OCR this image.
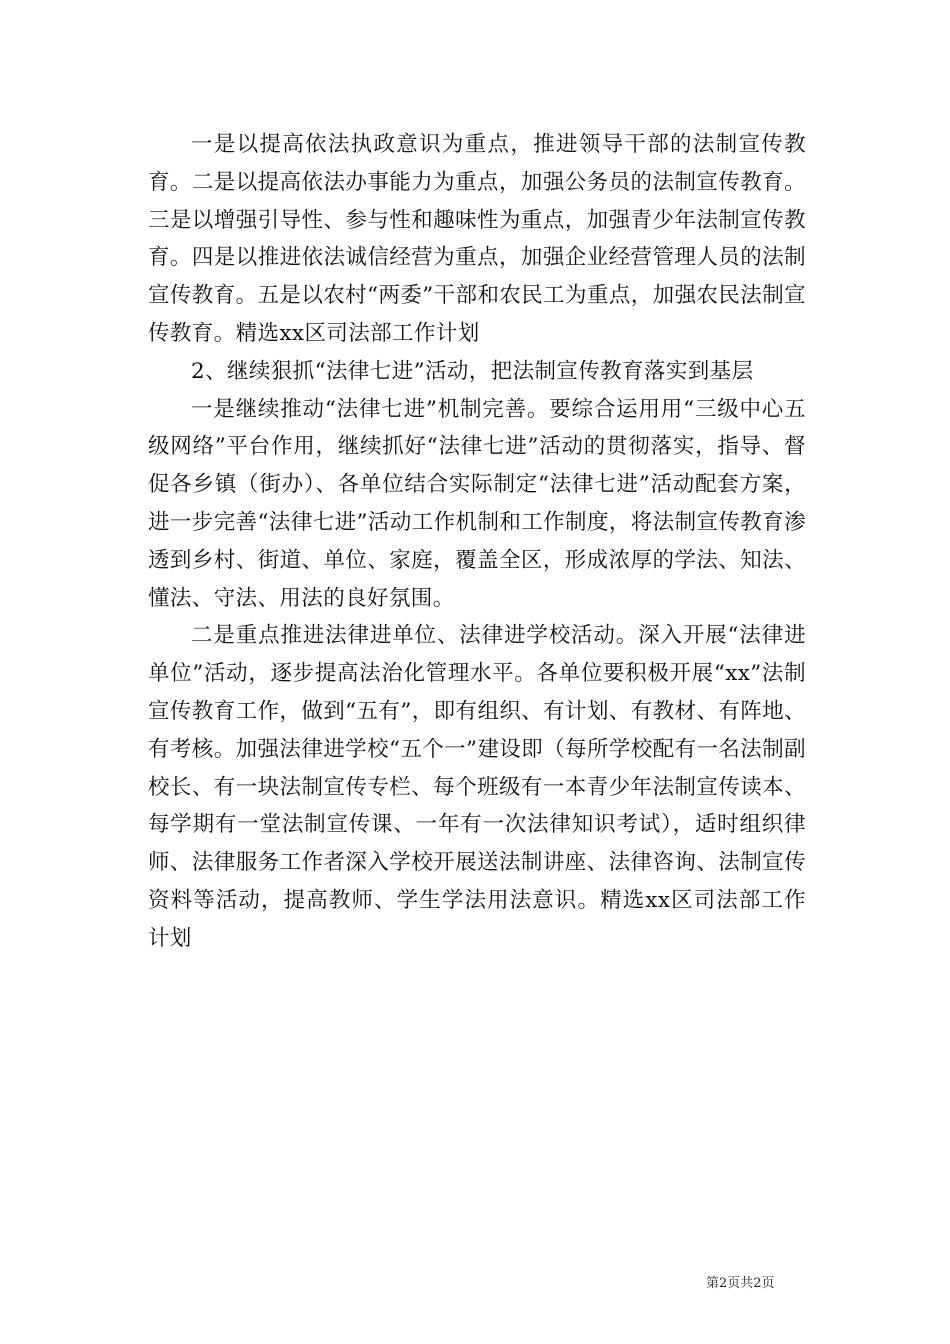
一是以提高依法执政意识为重点，推进领导干部的法制宣传教育。二是以提高依法办事能力为重点，加强公务员的法制宣传教育。三是以增强引导性、参与性和趣味性为重点，加强青少年法制宣传教育。四是以推进依法诚信经营为重点，加强企业经营管理人员的法制宣传教育。五是以农村“两委”干部和农民工为重点，加强农民法制宣传教育。精选xx区司法部工作计划

2、继续狠抓“法律七进”活动，把法制宣传教育落实到基层

一是继续推动“法律七进”机制完善。要综合运用用“三级中心五级网络”平台作用，继续抓好“法律七进”活动的贯彻落实，指导、督促各乡镇（街办）、各单位结合实际制定“法律七进”活动配套方案，进一步完善“法律七进”活动工作机制和工作制度，将法制宣传教育渗透到乡村、街道、单位、家庭，覆盖全区，形成浓厚的学法、知法、懂法、守法、用法的良好氛围。

二是重点推进法律进单位、法律进学校活动。深入开展“法律进单位”活动，逐步提高法治化管理水平。各单位要积极开展“xx”法制宣传教育工作，做到“五有”，即有组织、有计划、有教材、有阵地、有考核。加强法律进学校“五个一”建设即（每所学校配有一名法制副校长、有一块法制宣传专栏、每个班级有一本青少年法制宣传读本、每学期有一堂法制宣传课、一年有一次法律知识考试），适时组织律师、法律服务工作者深入学校开展送法制讲座、法律咨询、法制宣传资料等活动，提高教师、学生学法用法意识。精选xx区司法部工作计划

第2页共2页
